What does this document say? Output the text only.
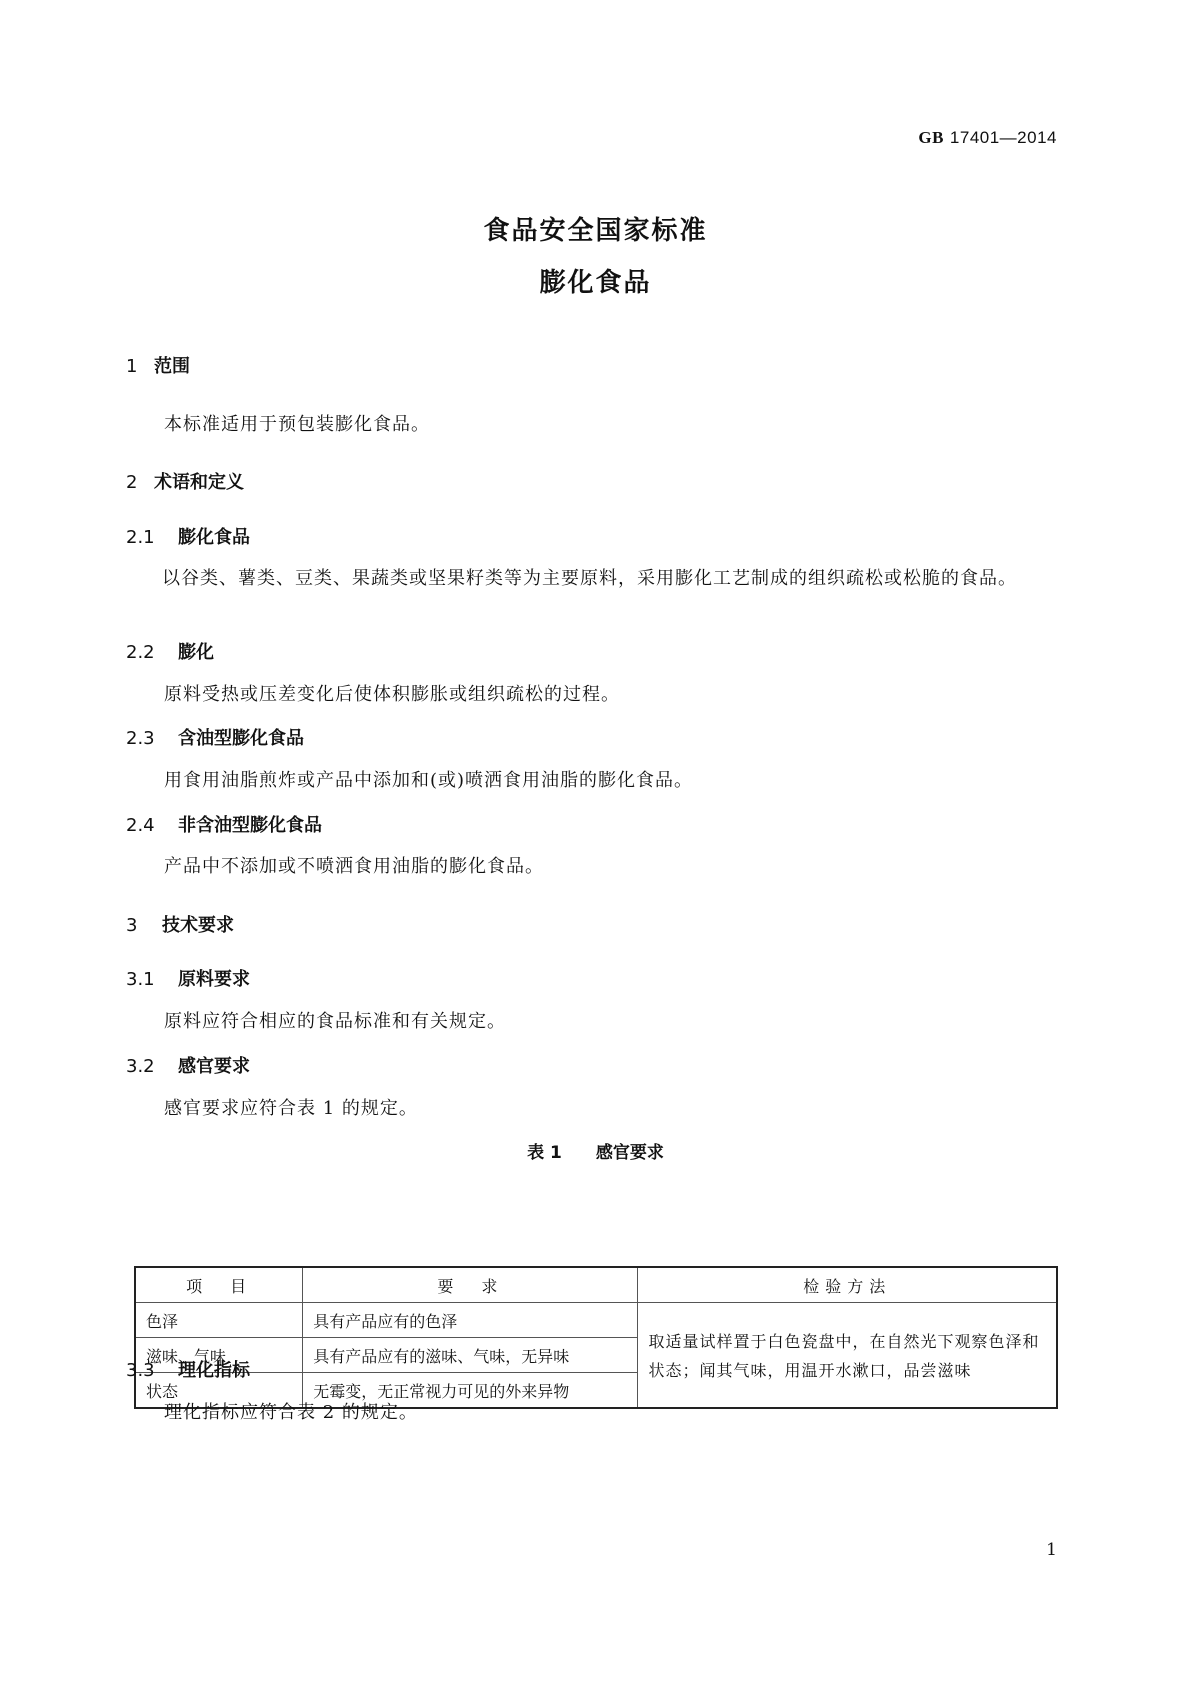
GB 17401—2014
食品安全国家标准
膨化食品
1 范围
本标准适用于预包装膨化食品。
2 术语和定义
2.1 膨化食品
以谷类、薯类、豆类、果蔬类或坚果籽类等为主要原料，采用膨化工艺制成的组织疏松或松脆的食品。
2.2 膨化
原料受热或压差变化后使体积膨胀或组织疏松的过程。
2.3 含油型膨化食品
用食用油脂煎炸或产品中添加和(或)喷洒食用油脂的膨化食品。
2.4 非含油型膨化食品
产品中不添加或不喷洒食用油脂的膨化食品。
3 技术要求
3.1 原料要求
原料应符合相应的食品标准和有关规定。
3.2 感官要求
感官要求应符合表 1 的规定。
表 1　　感官要求
项　目	要　求	检验方法
色泽	具有产品应有的色泽	取适量试样置于白色瓷盘中，在自然光下观察色泽和状态；闻其气味，用温开水漱口，品尝滋味
滋味、气味	具有产品应有的滋味、气味，无异味	
状态	无霉变，无正常视力可见的外来异物	
3.3 理化指标
理化指标应符合表 2 的规定。
1
